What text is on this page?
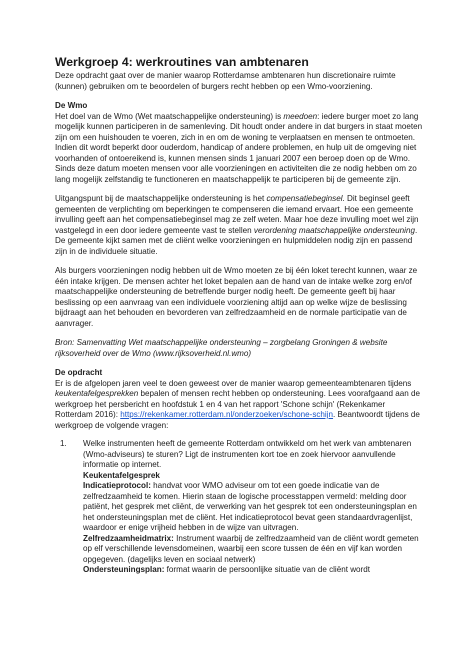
Werkgroep 4: werkroutines van ambtenaren

Deze opdracht gaat over de manier waarop Rotterdamse ambtenaren hun discretionaire ruimte (kunnen) gebruiken om te beoordelen of burgers recht hebben op een Wmo-voorziening.

De Wmo

Het doel van de Wmo (Wet maatschappelijke ondersteuning) is meedoen: iedere burger moet zo lang mogelijk kunnen participeren in de samenleving. Dit houdt onder andere in dat burgers in staat moeten zijn om een huishouden te voeren, zich in en om de woning te verplaatsen en mensen te ontmoeten. Indien dit wordt beperkt door ouderdom, handicap of andere problemen, en hulp uit de omgeving niet voorhanden of ontoereikend is, kunnen mensen sinds 1 januari 2007 een beroep doen op de Wmo. Sinds deze datum moeten mensen voor alle voorzieningen en activiteiten die ze nodig hebben om zo lang mogelijk zelfstandig te functioneren en maatschappelijk te participeren bij de gemeente zijn.

Uitgangspunt bij de maatschappelijke ondersteuning is het compensatiebeginsel. Dit beginsel geeft gemeenten de verplichting om beperkingen te compenseren die iemand ervaart. Hoe een gemeente invulling geeft aan het compensatiebeginsel mag ze zelf weten. Maar hoe deze invulling moet wel zijn vastgelegd in een door iedere gemeente vast te stellen verordening maatschappelijke ondersteuning. De gemeente kijkt samen met de cliënt welke voorzieningen en hulpmiddelen nodig zijn en passend zijn in de individuele situatie.

Als burgers voorzieningen nodig hebben uit de Wmo moeten ze bij één loket terecht kunnen, waar ze één intake krijgen. De mensen achter het loket bepalen aan de hand van de intake welke zorg en/of maatschappelijke ondersteuning de betreffende burger nodig heeft. De gemeente geeft bij haar beslissing op een aanvraag van een individuele voorziening altijd aan op welke wijze de beslissing bijdraagt aan het behouden en bevorderen van zelfredzaamheid en de normale participatie van de aanvrager.

Bron: Samenvatting Wet maatschappelijke ondersteuning – zorgbelang Groningen & website rijksoverheid over de Wmo (www.rijksoverheid.nl.wmo)

De opdracht

Er is de afgelopen jaren veel te doen geweest over de manier waarop gemeenteambtenaren tijdens keukentafelgesprekken bepalen of mensen recht hebben op ondersteuning. Lees voorafgaand aan de werkgroep het persbericht en hoofdstuk 1 en 4 van het rapport 'Schone schijn' (Rekenkamer Rotterdam 2016): https://rekenkamer.rotterdam.nl/onderzoeken/schone-schijn. Beantwoordt tijdens de werkgroep de volgende vragen:

1. Welke instrumenten heeft de gemeente Rotterdam ontwikkeld om het werk van ambtenaren (Wmo-adviseurs) te sturen? Ligt de instrumenten kort toe en zoek hiervoor aanvullende informatie op internet.

Keukentafelgesprek

Indicatieprotocol: handvat voor WMO adviseur om tot een goede indicatie van de zelfredzaamheid te komen. Hierin staan de logische processtappen vermeld: melding door patiënt, het gesprek met cliënt, de verwerking van het gesprek tot een ondersteuningsplan en het ondersteuningsplan met de cliënt. Het indicatieprotocol bevat geen standaardvragenlijst, waardoor er enige vrijheid hebben in de wijze van uitvragen.

Zelfredzaamheidmatrix: Instrument waarbij de zelfredzaamheid van de cliënt wordt gemeten op elf verschillende levensdomeinen, waarbij een score tussen de één en vijf kan worden opgegeven. (dagelijks leven en sociaal netwerk)

Ondersteuningsplan: format waarin de persoonlijke situatie van de cliënt wordt
